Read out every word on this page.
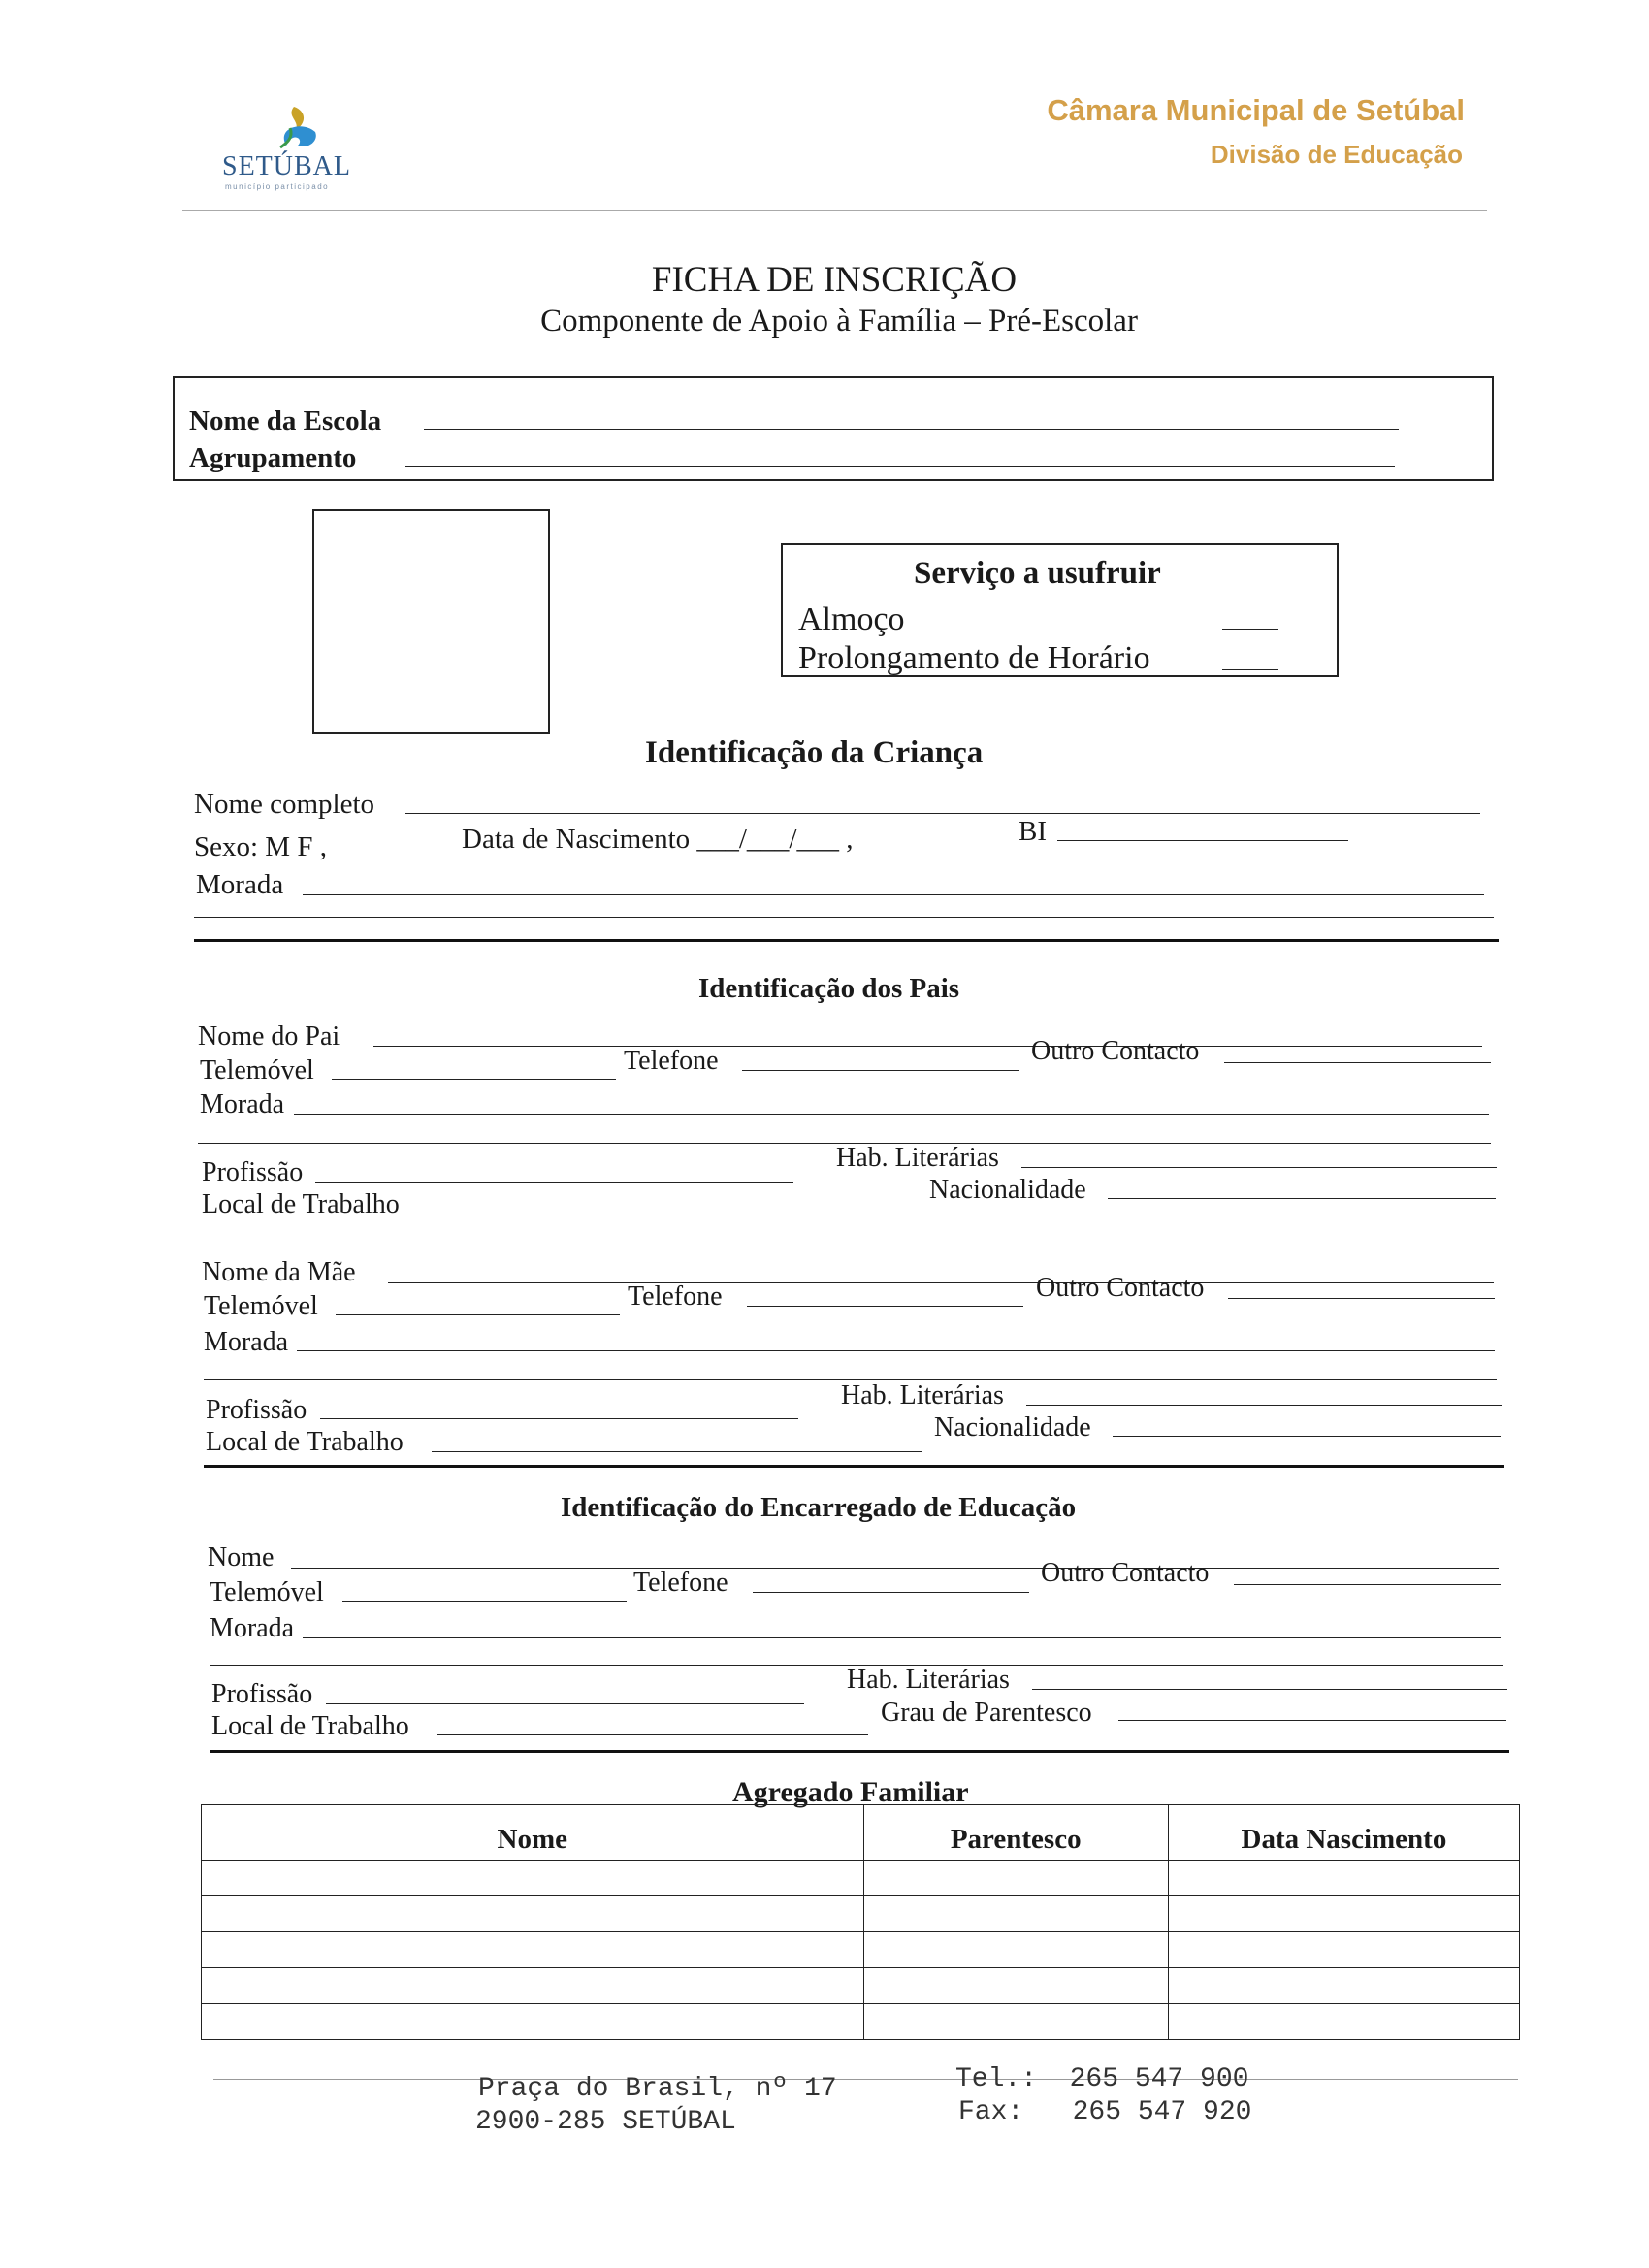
SETÚBAL
município participado
Câmara Municipal de Setúbal
Divisão de Educação
FICHA DE INSCRIÇÃO
Componente de Apoio à Família – Pré-Escolar
Nome da Escola
Agrupamento
Serviço a usufruir
Almoço
Prolongamento de Horário
Identificação da Criança
Nome completo
Sexo: M F ,	Data de Nascimento ___/___/___ ,	BI
Morada
Identificação dos Pais
Nome do Pai
Telemóvel	Telefone	Outro Contacto
Morada
Profissão	Hab. Literárias
Local de Trabalho	Nacionalidade
Nome da Mãe
Telemóvel	Telefone	Outro Contacto
Morada
Profissão	Hab. Literárias
Local de Trabalho	Nacionalidade
Identificação do Encarregado de Educação
Nome
Telemóvel	Telefone	Outro Contacto
Morada
Profissão	Hab. Literárias
Local de Trabalho	Grau de Parentesco
Agregado Familiar
Nome	Parentesco	Data Nascimento

Praça do Brasil, nº 17
2900-285 SETÚBAL
Tel.:  265 547 900
Fax:   265 547 920
